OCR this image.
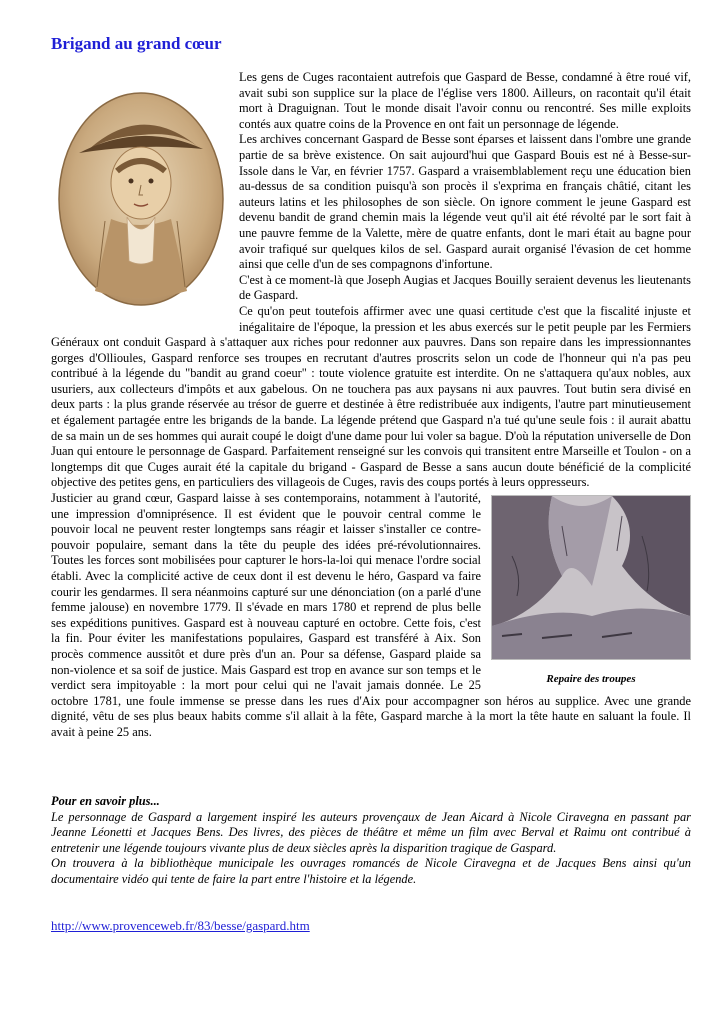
Brigand au grand cœur

Les gens de Cuges racontaient autrefois que Gaspard de Besse, condamné à être roué vif, avait subi son supplice sur la place de l'église vers 1800. Ailleurs, on racontait qu'il était mort à Draguignan. Tout le monde disait l'avoir connu ou rencontré. Ses mille exploits contés aux quatre coins de la Provence en ont fait un personnage de légende.

Les archives concernant Gaspard de Besse sont éparses et laissent dans l'ombre une grande partie de sa brève existence. On sait aujourd'hui que Gaspard Bouis est né à Besse-sur-Issole dans le Var, en février 1757. Gaspard a vraisemblablement reçu une éducation bien au-dessus de sa condition puisqu'à son procès il s'exprima en français châtié, citant les auteurs latins et les philosophes de son siècle. On ignore comment le jeune Gaspard est devenu bandit de grand chemin mais la légende veut qu'il ait été révolté par le sort fait à une pauvre femme de la Valette, mère de quatre enfants, dont le mari était au bagne pour avoir trafiqué sur quelques kilos de sel. Gaspard aurait organisé l'évasion de cet homme ainsi que celle d'un de ses compagnons d'infortune.

C'est à ce moment-là que Joseph Augias et Jacques Bouilly seraient devenus les lieutenants de Gaspard.

Ce qu'on peut toutefois affirmer avec une quasi certitude c'est que la fiscalité injuste et inégalitaire de l'époque, la pression et les abus exercés sur le petit peuple par les Fermiers Généraux ont conduit Gaspard à s'attaquer aux riches pour redonner aux pauvres. Dans son repaire dans les impressionnantes gorges d'Ollioules, Gaspard renforce ses troupes en recrutant d'autres proscrits selon un code de l'honneur qui n'a pas peu contribué à la légende du "bandit au grand coeur" : toute violence gratuite est interdite. On ne s'attaquera qu'aux nobles, aux usuriers, aux collecteurs d'impôts et aux gabelous. On ne touchera pas aux paysans ni aux pauvres. Tout butin sera divisé en deux parts : la plus grande réservée au trésor de guerre et destinée à être redistribuée aux indigents, l'autre part minutieusement et également partagée entre les brigands de la bande. La légende prétend que Gaspard n'a tué qu'une seule fois : il aurait abattu de sa main un de ses hommes qui aurait coupé le doigt d'une dame pour lui voler sa bague. D'où la réputation universelle de Don Juan qui entoure le personnage de Gaspard. Parfaitement renseigné sur les convois qui transitent entre Marseille et Toulon - on a longtemps dit que Cuges aurait été la capitale du brigand - Gaspard de Besse a sans aucun doute bénéficié de la complicité objective des petites gens, en particuliers des villageois de Cuges, ravis des coups portés à leurs oppresseurs.

Repaire des troupes

Justicier au grand cœur, Gaspard laisse à ses contemporains, notamment à l'autorité, une impression d'omniprésence. Il est évident que le pouvoir central comme le pouvoir local ne peuvent rester longtemps sans réagir et laisser s'installer ce contre-pouvoir populaire, semant dans la tête du peuple des idées pré-révolutionnaires. Toutes les forces sont mobilisées pour capturer le hors-la-loi qui menace l'ordre social établi. Avec la complicité active de ceux dont il est devenu le héro, Gaspard va faire courir les gendarmes. Il sera néanmoins capturé sur une dénonciation (on a parlé d'une femme jalouse) en novembre 1779. Il s'évade en mars 1780 et reprend de plus belle ses expéditions punitives. Gaspard est à nouveau capturé en octobre. Cette fois, c'est la fin. Pour éviter les manifestations populaires, Gaspard est transféré à Aix. Son procès commence aussitôt et dure près d'un an. Pour sa défense, Gaspard plaide sa non-violence et sa soif de justice. Mais Gaspard est trop en avance sur son temps et le verdict sera impitoyable : la mort pour celui qui ne l'avait jamais donnée. Le 25 octobre 1781, une foule immense se presse dans les rues d'Aix pour accompagner son héros au supplice. Avec une grande dignité, vêtu de ses plus beaux habits comme s'il allait à la fête, Gaspard marche à la mort la tête haute en saluant la foule. Il avait à peine 25 ans.

Pour en savoir plus...

Le personnage de Gaspard a largement inspiré les auteurs provençaux de Jean Aicard à Nicole Ciravegna en passant par Jeanne Léonetti et Jacques Bens. Des livres, des pièces de théâtre et même un film avec Berval et Raimu ont contribué à entretenir une légende toujours vivante plus de deux siècles après la disparition tragique de Gaspard.

On trouvera à la bibliothèque municipale les ouvrages romancés de Nicole Ciravegna et de Jacques Bens ainsi qu'un documentaire vidéo qui tente de faire la part entre l'histoire et la légende.

http://www.provenceweb.fr/83/besse/gaspard.htm
